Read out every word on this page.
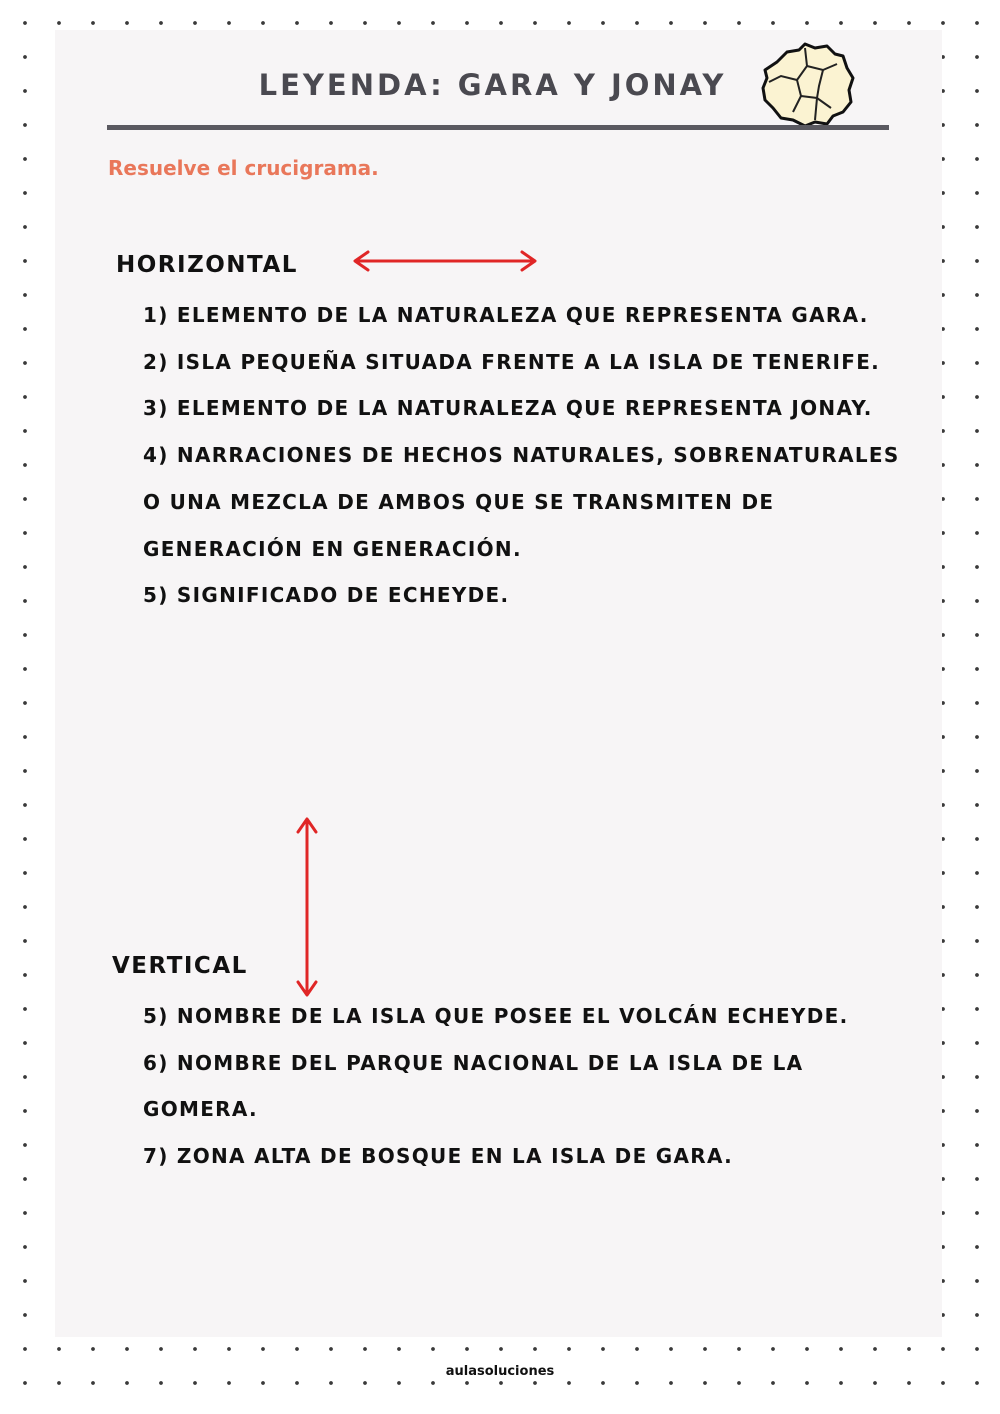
LEYENDA: GARA Y JONAY

Resuelve el crucigrama.

HORIZONTAL
1) ELEMENTO DE LA NATURALEZA QUE REPRESENTA GARA.
2) ISLA PEQUEÑA SITUADA FRENTE A LA ISLA DE TENERIFE.
3) ELEMENTO DE LA NATURALEZA QUE REPRESENTA JONAY.
4) NARRACIONES DE HECHOS NATURALES, SOBRENATURALES O UNA MEZCLA DE AMBOS QUE SE TRANSMITEN DE GENERACIÓN EN GENERACIÓN.
5) SIGNIFICADO DE ECHEYDE.
VERTICAL
5) NOMBRE DE LA ISLA QUE POSEE EL VOLCÁN ECHEYDE.
6) NOMBRE DEL PARQUE NACIONAL DE LA ISLA DE LA GOMERA.
7) ZONA ALTA DE BOSQUE EN LA ISLA DE GARA.

aulasoluciones
